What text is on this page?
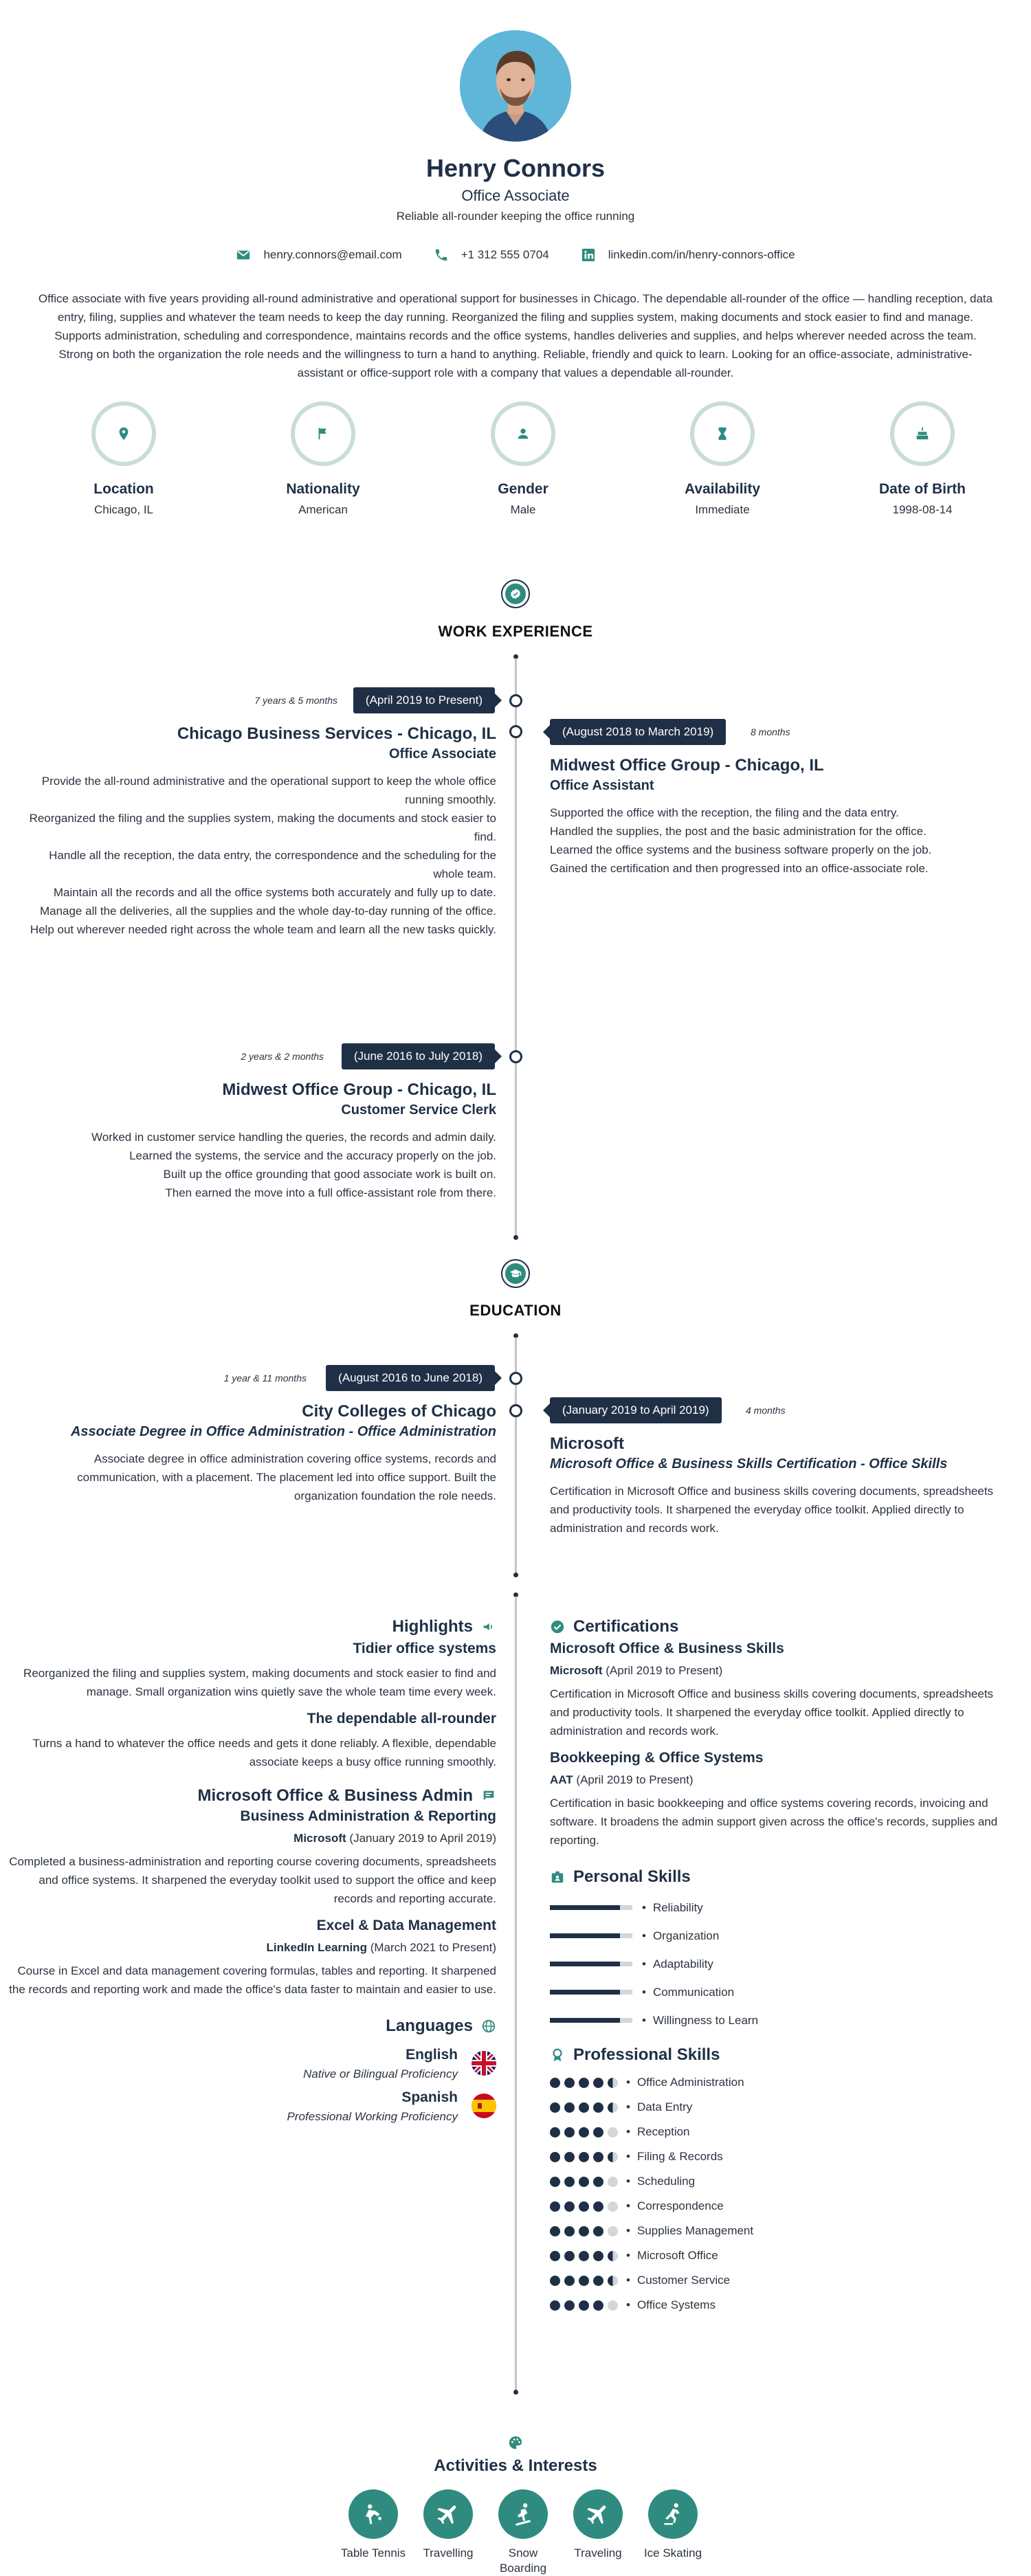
Henry Connors
Office Associate
Reliable all-rounder keeping the office running
henry.connors@email.com	+1 312 555 0704	linkedin.com/in/henry-connors-office
Office associate with five years providing all-round administrative and operational support for businesses in Chicago. The dependable all-rounder of the office — handling reception, data entry, filing, supplies and whatever the team needs to keep the day running. Reorganized the filing and supplies system, making documents and stock easier to find and manage. Supports administration, scheduling and correspondence, maintains records and the office systems, handles deliveries and supplies, and helps wherever needed across the team. Strong on both the organization the role needs and the willingness to turn a hand to anything. Reliable, friendly and quick to learn. Looking for an office-associate, administrative-assistant or office-support role with a company that values a dependable all-rounder.
Location
Chicago, IL
Nationality
American
Gender
Male
Availability
Immediate
Date of Birth
1998-08-14
WORK EXPERIENCE
(April 2019 to Present)
7 years & 5 months
Chicago Business Services - Chicago, IL
Office Associate

Provide the all-round administrative and the operational support to keep the whole office running smoothly.

Reorganized the filing and the supplies system, making the documents and stock easier to find.

Handle all the reception, the data entry, the correspondence and the scheduling for the whole team.

Maintain all the records and all the office systems both accurately and fully up to date.

Manage all the deliveries, all the supplies and the whole day-to-day running of the office.

Help out wherever needed right across the whole team and learn all the new tasks quickly.

(August 2018 to March 2019)	8 months
Midwest Office Group - Chicago, IL
Office Assistant

Supported the office with the reception, the filing and the data entry.

Handled the supplies, the post and the basic administration for the office.

Learned the office systems and the business software properly on the job.

Gained the certification and then progressed into an office-associate role.

(June 2016 to July 2018)
2 years & 2 months
Midwest Office Group - Chicago, IL
Customer Service Clerk

Worked in customer service handling the queries, the records and admin daily.

Learned the systems, the service and the accuracy properly on the job.

Built up the office grounding that good associate work is built on.

Then earned the move into a full office-assistant role from there.

EDUCATION
(August 2016 to June 2018)
1 year & 11 months
City Colleges of Chicago
Associate Degree in Office Administration - Office Administration
Associate degree in office administration covering office systems, records and communication, with a placement. The placement led into office support. Built the organization foundation the role needs.
(January 2019 to April 2019)	4 months
Microsoft
Microsoft Office & Business Skills Certification - Office Skills
Certification in Microsoft Office and business skills covering documents, spreadsheets and productivity tools. It sharpened the everyday office toolkit. Applied directly to administration and records work.
Highlights
Tidier office systems
Reorganized the filing and supplies system, making documents and stock easier to find and manage. Small organization wins quietly save the whole team time every week.
The dependable all-rounder
Turns a hand to whatever the office needs and gets it done reliably. A flexible, dependable associate keeps a busy office running smoothly.
Microsoft Office & Business Admin
Business Administration & Reporting
Microsoft (January 2019 to April 2019)
Completed a business-administration and reporting course covering documents, spreadsheets and office systems. It sharpened the everyday toolkit used to support the office and keep records and reporting accurate.
Excel & Data Management
LinkedIn Learning (March 2021 to Present)
Course in Excel and data management covering formulas, tables and reporting. It sharpened the records and reporting work and made the office's data faster to maintain and easier to use.
Languages
English
Native or Bilingual Proficiency
Spanish
Professional Working Proficiency
Certifications
Microsoft Office & Business Skills
Microsoft (April 2019 to Present)
Certification in Microsoft Office and business skills covering documents, spreadsheets and productivity tools. It sharpened the everyday office toolkit. Applied directly to administration and records work.
Bookkeeping & Office Systems
AAT (April 2019 to Present)
Certification in basic bookkeeping and office systems covering records, invoicing and software. It broadens the admin support given across the office's records, supplies and reporting.
Personal Skills
• Reliability
• Organization
• Adaptability
• Communication
• Willingness to Learn
Professional Skills
• Office Administration
• Data Entry
• Reception
• Filing & Records
• Scheduling
• Correspondence
• Supplies Management
• Microsoft Office
• Customer Service
• Office Systems
Activities & Interests
Table Tennis	Travelling	Snow Boarding
Traveling	Ice Skating
